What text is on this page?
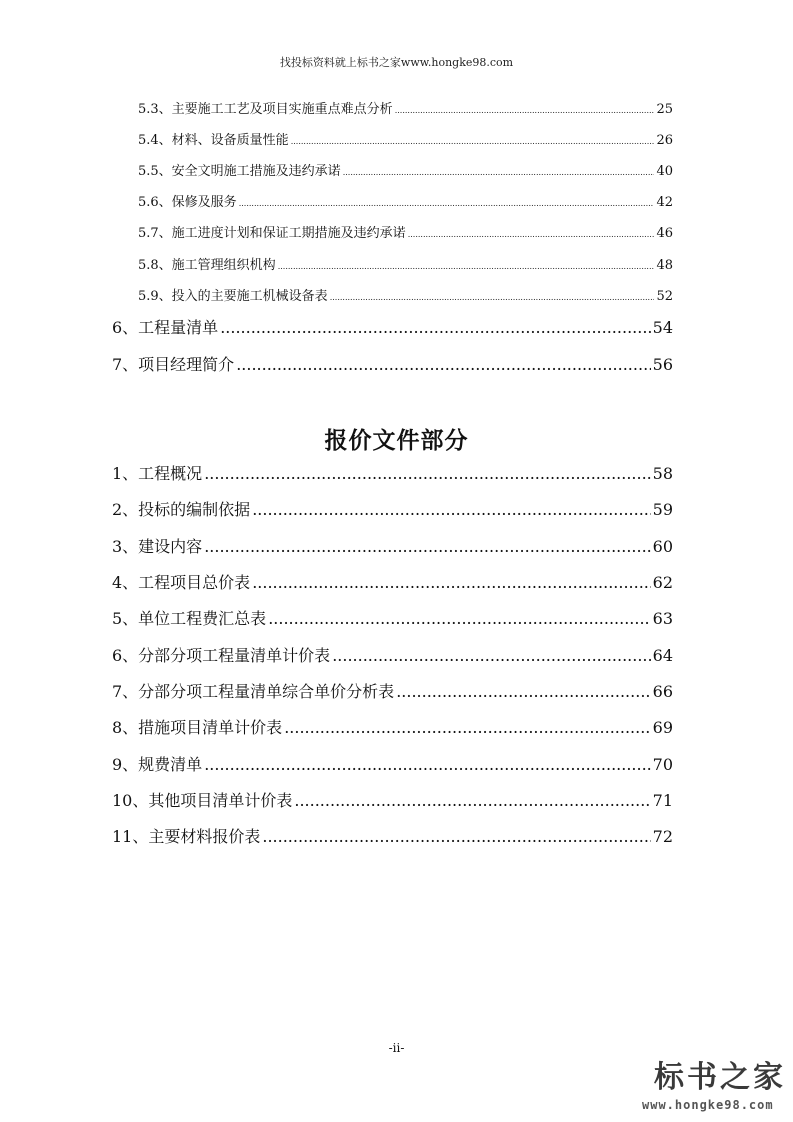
找投标资料就上标书之家www.hongke98.com
5.3、主要施工工艺及项目实施重点难点分析 .....	25
5.4、材料、设备质量性能 .....	26
5.5、安全文明施工措施及违约承诺 .....	40
5.6、保修及服务 .....	42
5.7、施工进度计划和保证工期措施及违约承诺 .....	46
5.8、施工管理组织机构 .....	48
5.9、投入的主要施工机械设备表 .....	52
6、工程量清单 .....	54
7、项目经理简介 .....	56
报价文件部分
1、工程概况 .....	58
2、投标的编制依据 .....	59
3、建设内容 .....	60
4、工程项目总价表 .....	62
5、单位工程费汇总表 .....	63
6、分部分项工程量清单计价表 .....	64
7、分部分项工程量清单综合单价分析表 .....	66
8、措施项目清单计价表 .....	69
9、规费清单 .....	70
10、其他项目清单计价表 .....	71
11、主要材料报价表 .....	72
-ii-
标书之家
www.hongke98.com
